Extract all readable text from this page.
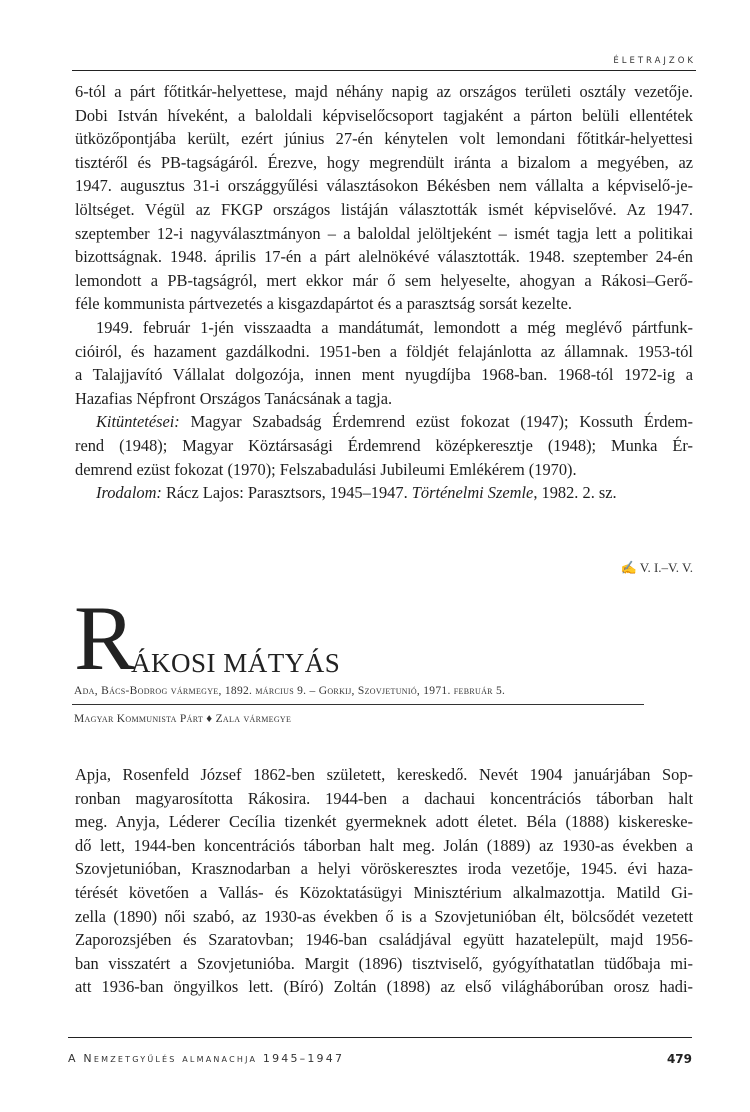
ÉLETRAJZOK
6-tól a párt főtitkár-helyettese, majd néhány napig az országos területi osztály vezetője.
Dobi István híveként, a baloldali képviselőcsoport tagjaként a párton belüli ellentétek
ütközőpontjába került, ezért június 27-én kénytelen volt lemondani főtitkár-helyettesi
tisztéről és PB-tagságáról. Érezve, hogy megrendült iránta a bizalom a megyében, az
1947. augusztus 31-i országgyűlési választásokon Békésben nem vállalta a képviselő-je-
löltséget. Végül az FKGP országos listáján választották ismét képviselővé. Az 1947.
szeptember 12-i nagyválasztmányon – a baloldal jelöltjeként – ismét tagja lett a politikai
bizottságnak. 1948. április 17-én a párt alelnökévé választották. 1948. szeptember 24-én
lemondott a PB-tagságról, mert ekkor már ő sem helyeselte, ahogyan a Rákosi–Gerő-
féle kommunista pártvezetés a kisgazdapártot és a parasztság sorsát kezelte.
1949. február 1-jén visszaadta a mandátumát, lemondott a még meglévő pártfunk-
cióiról, és hazament gazdálkodni. 1951-ben a földjét felajánlotta az államnak. 1953-tól
a Talajjavító Vállalat dolgozója, innen ment nyugdíjba 1968-ban. 1968-tól 1972-ig a
Hazafias Népfront Országos Tanácsának a tagja.
Kitüntetései: Magyar Szabadság Érdemrend ezüst fokozat (1947); Kossuth Érdem-
rend (1948); Magyar Köztársasági Érdemrend középkeresztje (1948); Munka Ér-
demrend ezüst fokozat (1970); Felszabadulási Jubileumi Emlékérem (1970).
Irodalom: Rácz Lajos: Parasztsors, 1945–1947. Történelmi Szemle, 1982. 2. sz.
✍ V. I.–V. V.
R
ÁKOSI MÁTYÁS
Ada, Bács-Bodrog vármegye, 1892. március 9. – Gorkij, Szovjetunió, 1971. február 5.
Magyar Kommunista Párt ♦ Zala vármegye
Apja, Rosenfeld József 1862-ben született, kereskedő. Nevét 1904 januárjában Sop-
ronban magyarosította Rákosira. 1944-ben a dachaui koncentrációs táborban halt
meg. Anyja, Léderer Cecília tizenkét gyermeknek adott életet. Béla (1888) kiskereske-
dő lett, 1944-ben koncentrációs táborban halt meg. Jolán (1889) az 1930-as években a
Szovjetunióban, Krasznodarban a helyi vöröskeresztes iroda vezetője, 1945. évi haza-
térését követően a Vallás- és Közoktatásügyi Minisztérium alkalmazottja. Matild Gi-
zella (1890) női szabó, az 1930-as években ő is a Szovjetunióban élt, bölcsődét vezetett
Zaporozsjében és Szaratovban; 1946-ban családjával együtt hazatelepült, majd 1956-
ban visszatért a Szovjetunióba. Margit (1896) tisztviselő, gyógyíthatatlan tüdőbaja mi-
att 1936-ban öngyilkos lett. (Bíró) Zoltán (1898) az első világháborúban orosz hadi-
A Nemzetgyűlés almanachja 1945–1947	479
